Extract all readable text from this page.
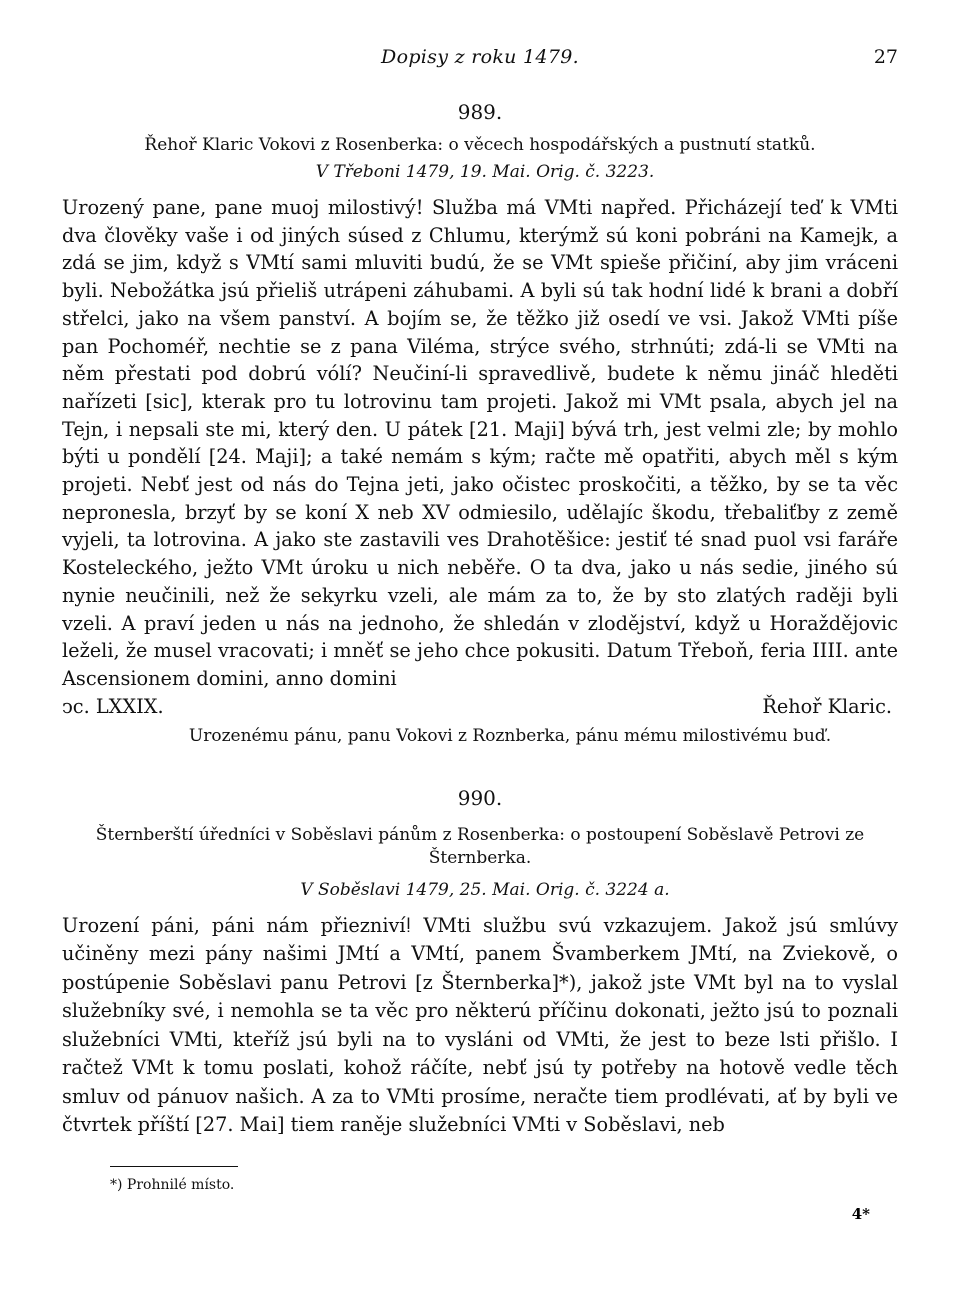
Dopisy z roku 1479.	27
989.
Řehoř Klaric Vokovi z Rosenberka: o věcech hospodářských a pustnutí statků.
V Třeboni 1479, 19. Mai. Orig. č. 3223.

Urozený pane, pane muoj milostivý! Služba má VMti napřed. Přicházejí teď k VMti dva člověky vaše i od jiných súsed z Chlumu, kterýmž sú koni pobráni na Kamejk, a zdá se jim, když s VMtí sami mluviti budú, že se VMt spieše přičiní, aby jim vráceni byli. Nebožátka jsú přieliš utrápeni záhubami. A byli sú tak hodní lidé k brani a dobří střelci, jako na všem panství. A bojím se, že těžko již osedí ve vsi. Jakož VMti píše pan Pochoméř, nechtie se z pana Viléma, strýce svého, strhnúti; zdá-li se VMti na něm přestati pod dobrú vólí? Neučiní-li spravedlivě, budete k němu jináč hleděti nařízeti [sic], kterak pro tu lotrovinu tam projeti. Jakož mi VMt psala, abych jel na Tejn, i nepsali ste mi, který den. U pátek [21. Maji] bývá trh, jest velmi zle; by mohlo býti u pondělí [24. Maji]; a také nemám s kým; račte mě opatřiti, abych měl s kým projeti. Nebť jest od nás do Tejna jeti, jako očistec proskočiti, a těžko, by se ta věc nepronesla, brzyť by se koní X neb XV odmiesilo, udělajíc škodu, třebaliťby z země vyjeli, ta lotrovina. A jako ste zastavili ves Drahotěšice: jestiť té snad puol vsi faráře Kosteleckého, ježto VMt úroku u nich neběře. O ta dva, jako u nás sedie, jiného sú nynie neučinili, než že sekyrku vzeli, ale mám za to, že by sto zlatých raději byli vzeli. A praví jeden u nás na jednoho, že shledán v zlodějství, když u Horaždějovic leželi, že musel vracovati; i mněť se jeho chce pokusiti. Datum Třeboň, feria IIII. ante Ascensionem domini, anno domini

ↄc. LXXIX.	Řehoř Klaric.
Urozenému pánu, panu Vokovi z Roznberka, pánu mému milostivému buď.
990.
Šternberští úředníci v Soběslavi pánům z Rosenberka: o postoupení Soběslavě Petrovi ze Šternberka.
V Soběslavi 1479, 25. Mai. Orig. č. 3224 a.

Urození páni, páni nám přieznivíǃ VMti službu svú vzkazujem. Jakož jsú smlúvy učiněny mezi pány našimi JMtí a VMtí, panem Švamberkem JMtí, na Zviekově, o postúpenie Soběslavi panu Petrovi [z Šternberka]*), jakož jste VMt byl na to vyslal služebníky své, i nemohla se ta věc pro některú příčinu dokonati, ježto jsú to poznali služebníci VMti, kteříž jsú byli na to vysláni od VMti, že jest to beze lsti přišlo. I račtež VMt k tomu poslati, kohož ráčíte, nebť jsú ty potřeby na hotově vedle těch smluv od pánuov našich. A za to VMti prosíme, neračte tiem prodlévati, ať by byli ve čtvrtek příští [27. Mai] tiem raněje služebníci VMti v Soběslavi, neb

*) Prohnilé místo.
4*
